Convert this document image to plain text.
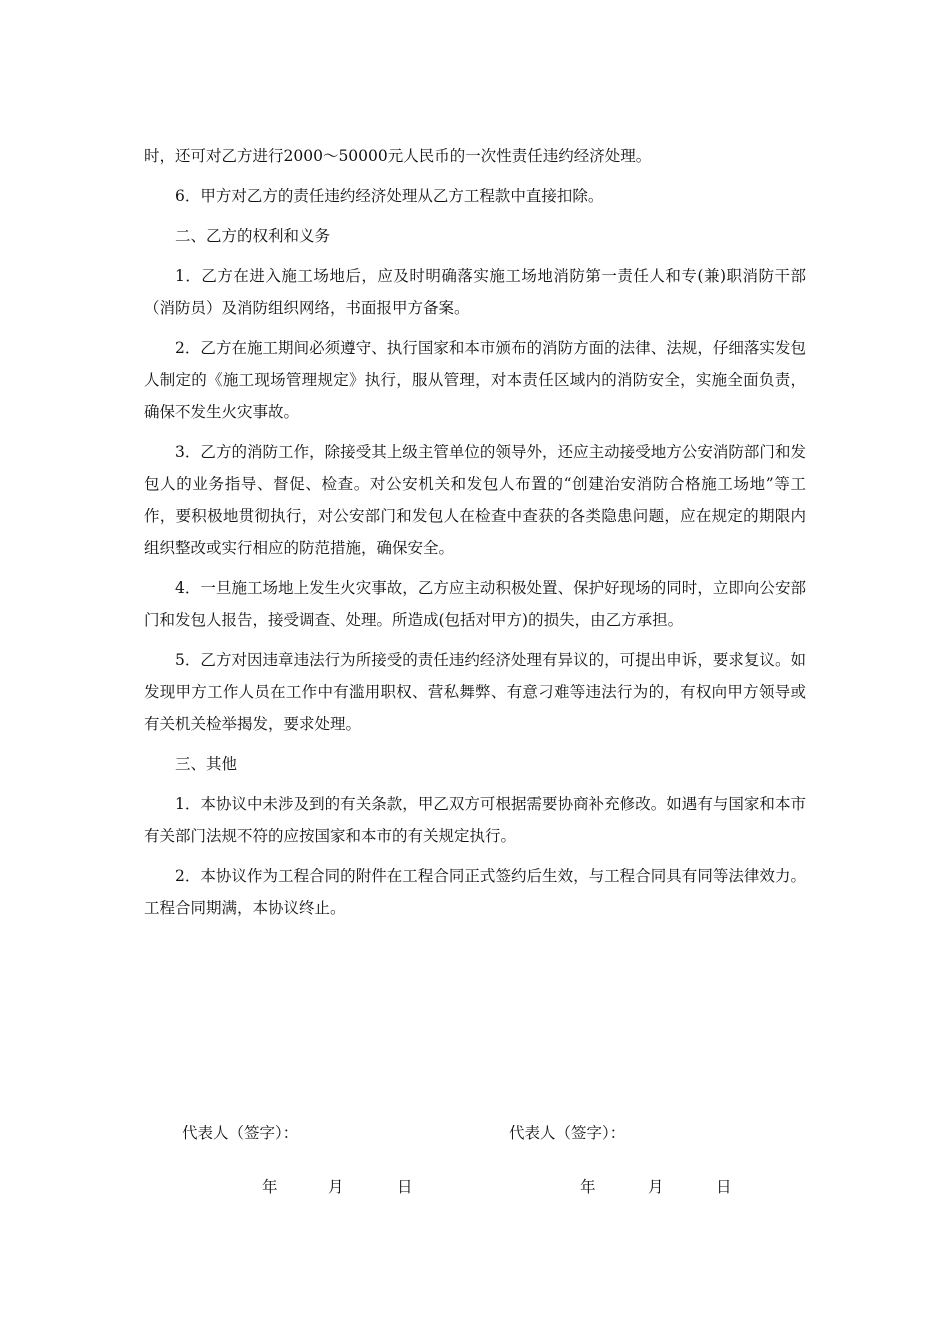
时，还可对乙方进行2000～50000元人民币的一次性责任违约经济处理。

6．甲方对乙方的责任违约经济处理从乙方工程款中直接扣除。

二、乙方的权利和义务

1．乙方在进入施工场地后，应及时明确落实施工场地消防第一责任人和专(兼)职消防干部（消防员）及消防组织网络，书面报甲方备案。

2．乙方在施工期间必须遵守、执行国家和本市颁布的消防方面的法律、法规，仔细落实发包人制定的《施工现场管理规定》执行，服从管理，对本责任区域内的消防安全，实施全面负责，确保不发生火灾事故。

3．乙方的消防工作，除接受其上级主管单位的领导外，还应主动接受地方公安消防部门和发包人的业务指导、督促、检查。对公安机关和发包人布置的“创建治安消防合格施工场地”等工作，要积极地贯彻执行，对公安部门和发包人在检查中查获的各类隐患问题，应在规定的期限内组织整改或实行相应的防范措施，确保安全。

4．一旦施工场地上发生火灾事故，乙方应主动积极处置、保护好现场的同时，立即向公安部门和发包人报告，接受调查、处理。所造成(包括对甲方)的损失，由乙方承担。

5．乙方对因违章违法行为所接受的责任违约经济处理有异议的，可提出申诉，要求复议。如发现甲方工作人员在工作中有滥用职权、营私舞弊、有意刁难等违法行为的，有权向甲方领导或有关机关检举揭发，要求处理。

三、其他

1．本协议中未涉及到的有关条款，甲乙双方可根据需要协商补充修改。如遇有与国家和本市有关部门法规不符的应按国家和本市的有关规定执行。

2．本协议作为工程合同的附件在工程合同正式签约后生效，与工程合同具有同等法律效力。工程合同期满，本协议终止。

代表人（签字）：	代表人（签字）：
年	月	日	年	月	日
